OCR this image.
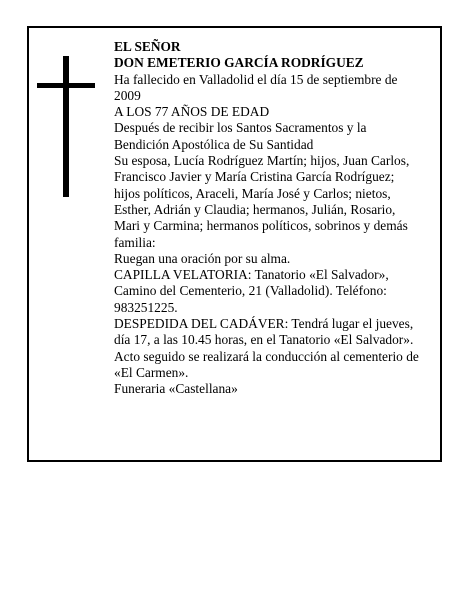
EL SEÑOR

DON EMETERIO GARCÍA RODRÍGUEZ

Ha fallecido en Valladolid el día 15 de septiembre de 2009

A LOS 77 AÑOS DE EDAD

Después de recibir los Santos Sacramentos y la Bendición Apostólica de Su Santidad

Su esposa, Lucía Rodríguez Martín; hijos, Juan Carlos, Francisco Javier y María Cristina García Rodríguez; hijos políticos, Araceli, María José y Carlos; nietos, Esther, Adrián y Claudia; hermanos, Julián, Rosario, Mari y Carmina; hermanos políticos, sobrinos y demás familia:

Ruegan una oración por su alma.

CAPILLA VELATORIA: Tanatorio «El Salvador», Camino del Cementerio, 21 (Valladolid). Teléfono: 983251225.

DESPEDIDA DEL CADÁVER: Tendrá lugar el jueves, día 17, a las 10.45 horas, en el Tanatorio «El Salvador». Acto seguido se realizará la conducción al cementerio de «El Carmen».

Funeraria «Castellana»
